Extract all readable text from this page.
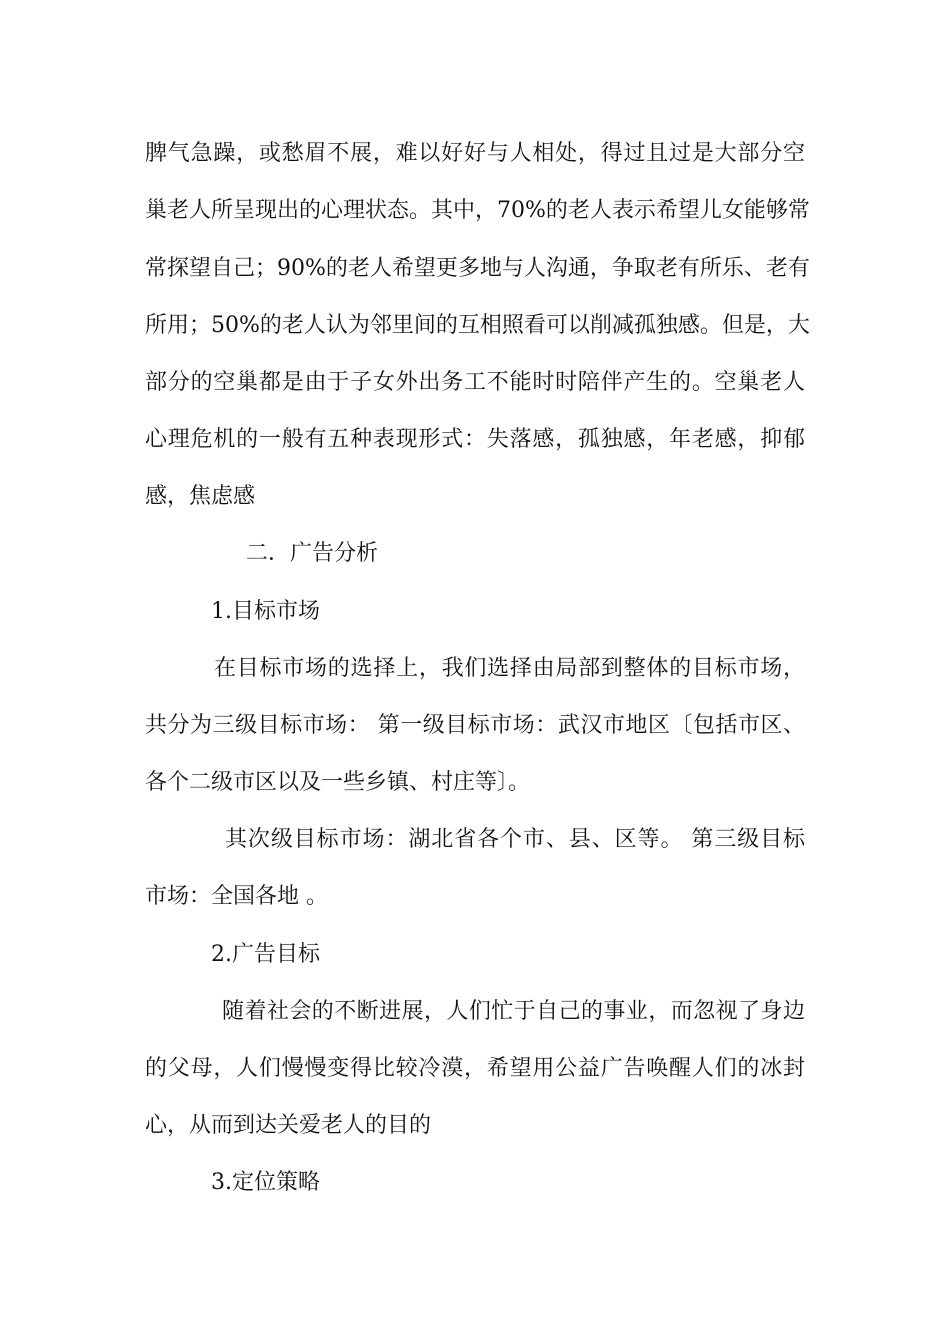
脾气急躁，或愁眉不展，难以好好与人相处，得过且过是大部分空
巢老人所呈现出的心理状态。其中，70%的老人表示希望儿女能够常
常探望自己；90%的老人希望更多地与人沟通，争取老有所乐、老有
所用；50%的老人认为邻里间的互相照看可以削减孤独感。但是，大
部分的空巢都是由于子女外出务工不能时时陪伴产生的。空巢老人
心理危机的一般有五种表现形式：失落感，孤独感，年老感，抑郁
感，焦虑感
二．广告分析
1.目标市场
在目标市场的选择上，我们选择由局部到整体的目标市场，
共分为三级目标市场： 第一级目标市场：武汉市地区〔包括市区、
各个二级市区以及一些乡镇、村庄等〕。
其次级目标市场：湖北省各个市、县、区等。 第三级目标
市场：全国各地 。
2.广告目标
随着社会的不断进展，人们忙于自己的事业，而忽视了身边
的父母，人们慢慢变得比较冷漠，希望用公益广告唤醒人们的冰封
心，从而到达关爱老人的目的
3.定位策略
